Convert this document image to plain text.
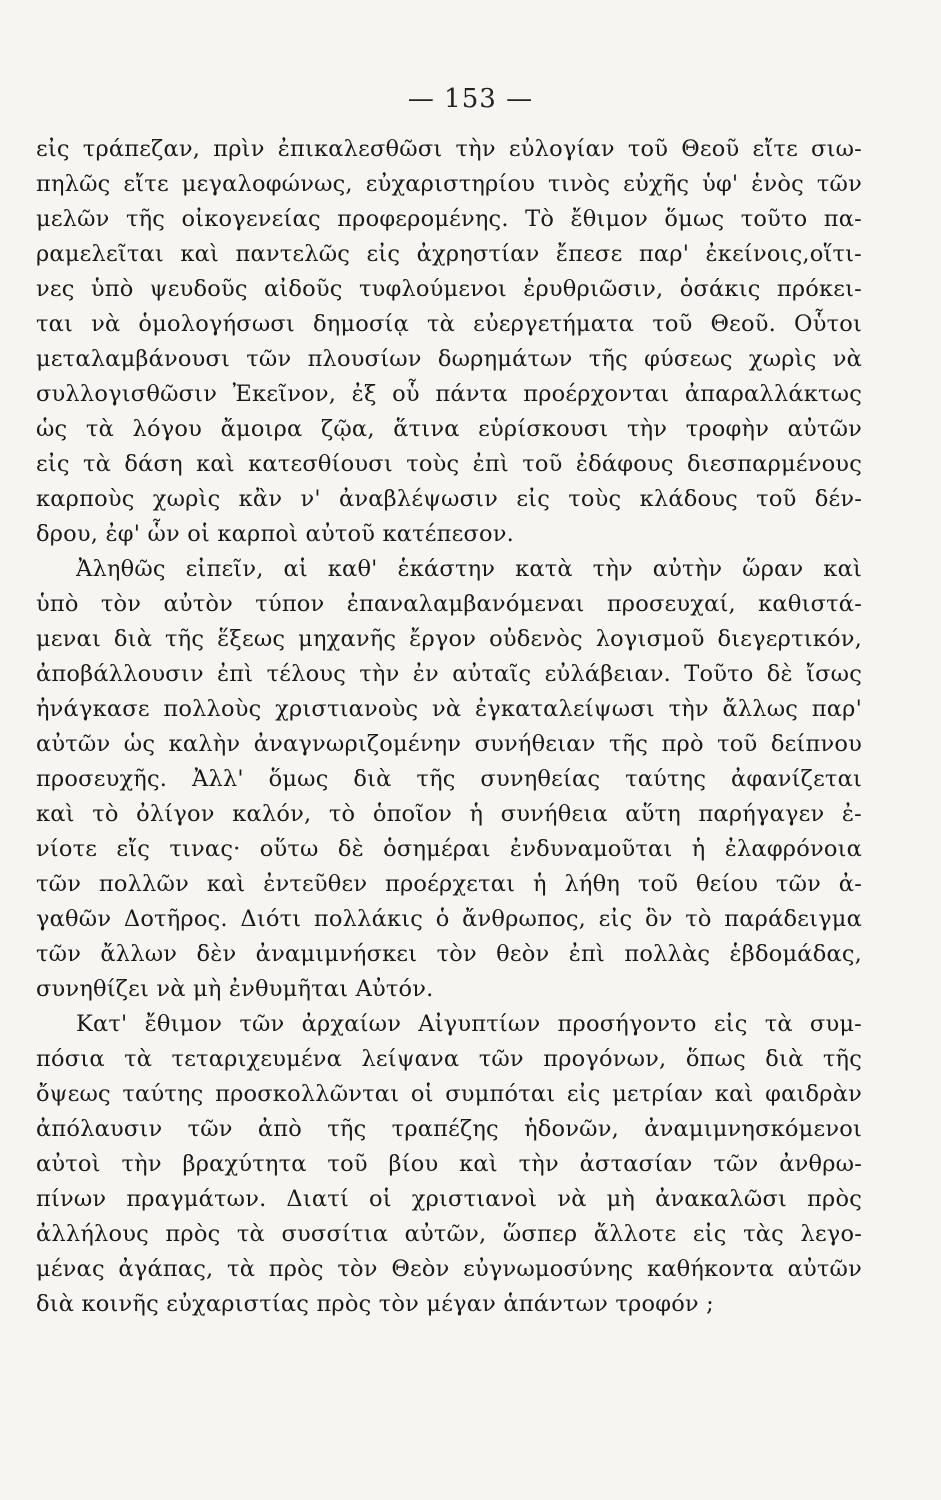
— 153 —
εἰς τράπεζαν, πρὶν ἐπικαλεσθῶσι τὴν εὐλογίαν τοῦ Θεοῦ εἴτε σιω-
πηλῶς εἴτε μεγαλοφώνως, εὐχαριστηρίου τινὸς εὐχῆς ὑφ' ἑνὸς τῶν
μελῶν τῆς οἰκογενείας προφερομένης. Τὸ ἔθιμον ὅμως τοῦτο πα-
ραμελεῖται καὶ παντελῶς εἰς ἀχρηστίαν ἔπεσε παρ' ἐκείνοις,οἵτι-
νες ὑπὸ ψευδοῦς αἰδοῦς τυφλούμενοι ἐρυθριῶσιν, ὁσάκις πρόκει-
ται νὰ ὁμολογήσωσι δημοσίᾳ τὰ εὐεργετήματα τοῦ Θεοῦ. Οὗτοι
μεταλαμβάνουσι τῶν πλουσίων δωρημάτων τῆς φύσεως χωρὶς νὰ
συλλογισθῶσιν Ἐκεῖνον, ἐξ οὗ πάντα προέρχονται ἀπαραλλάκτως
ὡς τὰ λόγου ἄμοιρα ζῷα, ἅτινα εὑρίσκουσι τὴν τροφὴν αὐτῶν
εἰς τὰ δάση καὶ κατεσθίουσι τοὺς ἐπὶ τοῦ ἐδάφους διεσπαρμένους
καρποὺς χωρὶς κἂν ν' ἀναβλέψωσιν εἰς τοὺς κλάδους τοῦ δέν-
δρου, ἐφ' ὧν οἱ καρποὶ αὐτοῦ κατέπεσον.
Ἀληθῶς εἰπεῖν, αἱ καθ' ἑκάστην κατὰ τὴν αὐτὴν ὥραν καὶ
ὑπὸ τὸν αὐτὸν τύπον ἐπαναλαμβανόμεναι προσευχαί, καθιστά-
μεναι διὰ τῆς ἕξεως μηχανῆς ἔργον οὐδενὸς λογισμοῦ διεγερτικόν,
ἀποβάλλουσιν ἐπὶ τέλους τὴν ἐν αὐταῖς εὐλάβειαν. Τοῦτο δὲ ἴσως
ἠνάγκασε πολλοὺς χριστιανοὺς νὰ ἐγκαταλείψωσι τὴν ἄλλως παρ'
αὐτῶν ὡς καλὴν ἀναγνωριζομένην συνήθειαν τῆς πρὸ τοῦ δείπνου
προσευχῆς. Ἀλλ' ὅμως διὰ τῆς συνηθείας ταύτης ἀφανίζεται
καὶ τὸ ὀλίγον καλόν, τὸ ὁποῖον ἡ συνήθεια αὕτη παρήγαγεν ἐ-
νίοτε εἴς τινας· οὕτω δὲ ὁσημέραι ἐνδυναμοῦται ἡ ἐλαφρόνοια
τῶν πολλῶν καὶ ἐντεῦθεν προέρχεται ἡ λήθη τοῦ θείου τῶν ἀ-
γαθῶν Δοτῆρος. Διότι πολλάκις ὁ ἄνθρωπος, εἰς ὃν τὸ παράδειγμα
τῶν ἄλλων δὲν ἀναμιμνήσκει τὸν θεὸν ἐπὶ πολλὰς ἑβδομάδας,
συνηθίζει νὰ μὴ ἐνθυμῆται Αὐτόν.
Κατ' ἔθιμον τῶν ἀρχαίων Αἰγυπτίων προσήγοντο εἰς τὰ συμ-
πόσια τὰ τεταριχευμένα λείψανα τῶν προγόνων, ὅπως διὰ τῆς
ὄψεως ταύτης προσκολλῶνται οἱ συμπόται εἰς μετρίαν καὶ φαιδρὰν
ἀπόλαυσιν τῶν ἀπὸ τῆς τραπέζης ἡδονῶν, ἀναμιμνησκόμενοι
αὐτοὶ τὴν βραχύτητα τοῦ βίου καὶ τὴν ἀστασίαν τῶν ἀνθρω-
πίνων πραγμάτων. Διατί οἱ χριστιανοὶ νὰ μὴ ἀνακαλῶσι πρὸς
ἀλλήλους πρὸς τὰ συσσίτια αὐτῶν, ὥσπερ ἄλλοτε εἰς τὰς λεγο-
μένας ἀγάπας, τὰ πρὸς τὸν Θεὸν εὐγνωμοσύνης καθήκοντα αὐτῶν
διὰ κοινῆς εὐχαριστίας πρὸς τὸν μέγαν ἁπάντων τροφόν ;
